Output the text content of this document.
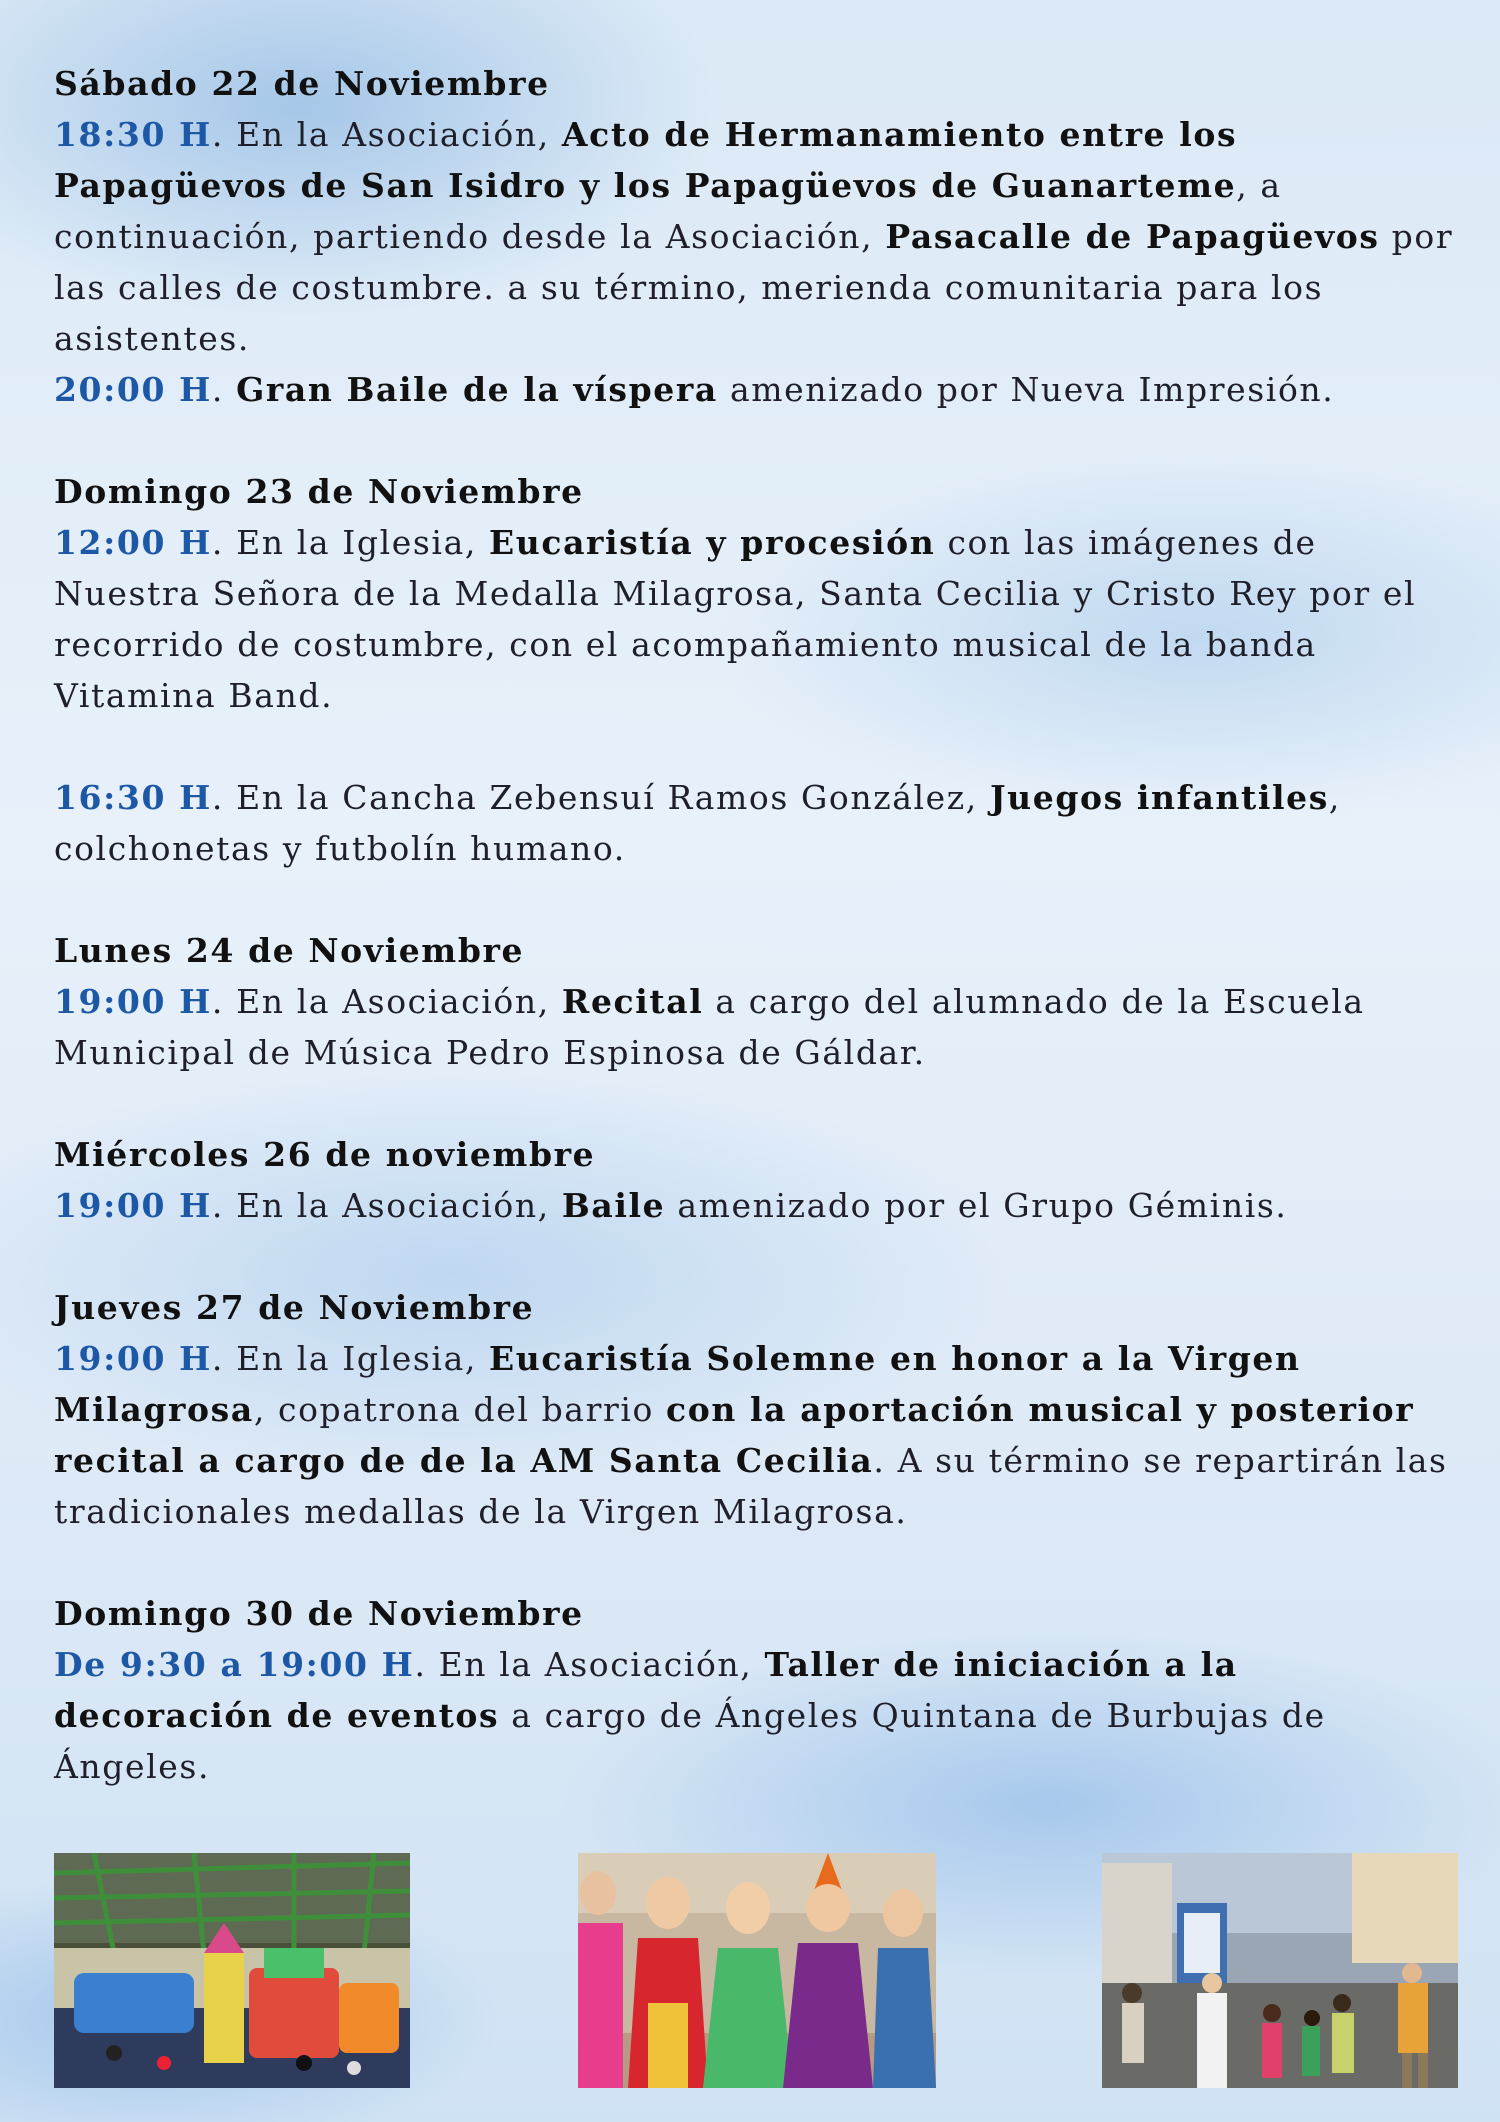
Sábado 22 de Noviembre
18:30 H. En la Asociación, Acto de Hermanamiento entre los Papagüevos de San Isidro y los Papagüevos de Guanarteme, a continuación, partiendo desde la Asociación, Pasacalle de Papagüevos por las calles de costumbre. a su término, merienda comunitaria para los asistentes.
20:00 H. Gran Baile de la víspera amenizado por Nueva Impresión.
Domingo 23 de Noviembre
12:00 H. En la Iglesia, Eucaristía y procesión con las imágenes de Nuestra Señora de la Medalla Milagrosa, Santa Cecilia y Cristo Rey por el recorrido de costumbre, con el acompañamiento musical de la banda Vitamina Band.
16:30 H. En la Cancha Zebensuí Ramos González, Juegos infantiles, colchonetas y futbolín humano.
Lunes 24 de Noviembre
19:00 H. En la Asociación, Recital a cargo del alumnado de la Escuela Municipal de Música Pedro Espinosa de Gáldar.
Miércoles 26 de noviembre
19:00 H. En la Asociación, Baile amenizado por el Grupo Géminis.
Jueves 27 de Noviembre
19:00 H. En la Iglesia, Eucaristía Solemne en honor a la Virgen Milagrosa, copatrona del barrio con la aportación musical y posterior recital a cargo de de la AM Santa Cecilia. A su término se repartirán las tradicionales medallas de la Virgen Milagrosa.
Domingo 30 de Noviembre
De 9:30 a 19:00 H. En la Asociación, Taller de iniciación a la decoración de eventos a cargo de Ángeles Quintana de Burbujas de Ángeles.
